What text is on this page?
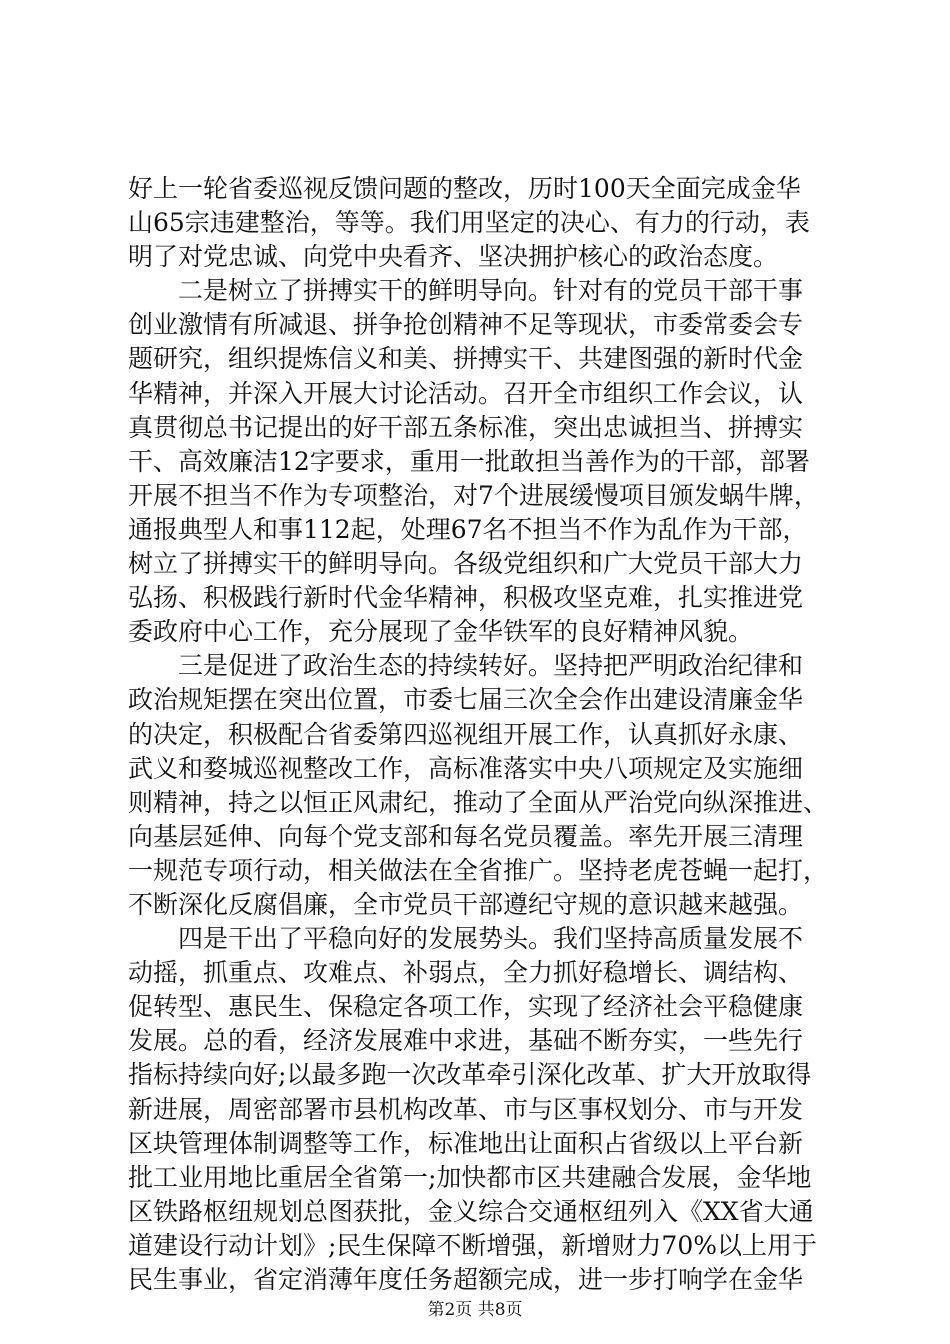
好上一轮省委巡视反馈问题的整改，历时100天全面完成金华
山65宗违建整治，等等。我们用坚定的决心、有力的行动，表
明了对党忠诚、向党中央看齐、坚决拥护核心的政治态度。
二是树立了拼搏实干的鲜明导向。针对有的党员干部干事
创业激情有所减退、拼争抢创精神不足等现状，市委常委会专
题研究，组织提炼信义和美、拼搏实干、共建图强的新时代金
华精神，并深入开展大讨论活动。召开全市组织工作会议，认
真贯彻总书记提出的好干部五条标准，突出忠诚担当、拼搏实
干、高效廉洁12字要求，重用一批敢担当善作为的干部，部署
开展不担当不作为专项整治，对7个进展缓慢项目颁发蜗牛牌，
通报典型人和事112起，处理67名不担当不作为乱作为干部，
树立了拼搏实干的鲜明导向。各级党组织和广大党员干部大力
弘扬、积极践行新时代金华精神，积极攻坚克难，扎实推进党
委政府中心工作，充分展现了金华铁军的良好精神风貌。
三是促进了政治生态的持续转好。坚持把严明政治纪律和
政治规矩摆在突出位置，市委七届三次全会作出建设清廉金华
的决定，积极配合省委第四巡视组开展工作，认真抓好永康、
武义和婺城巡视整改工作，高标准落实中央八项规定及实施细
则精神，持之以恒正风肃纪，推动了全面从严治党向纵深推进、
向基层延伸、向每个党支部和每名党员覆盖。率先开展三清理
一规范专项行动，相关做法在全省推广。坚持老虎苍蝇一起打，
不断深化反腐倡廉，全市党员干部遵纪守规的意识越来越强。
四是干出了平稳向好的发展势头。我们坚持高质量发展不
动摇，抓重点、攻难点、补弱点，全力抓好稳增长、调结构、
促转型、惠民生、保稳定各项工作，实现了经济社会平稳健康
发展。总的看，经济发展难中求进，基础不断夯实，一些先行
指标持续向好;以最多跑一次改革牵引深化改革、扩大开放取得
新进展，周密部署市县机构改革、市与区事权划分、市与开发
区块管理体制调整等工作，标准地出让面积占省级以上平台新
批工业用地比重居全省第一;加快都市区共建融合发展，金华地
区铁路枢纽规划总图获批，金义综合交通枢纽列入《XX省大通
道建设行动计划》;民生保障不断增强，新增财力70%以上用于
民生事业，省定消薄年度任务超额完成，进一步打响学在金华
第2页 共8页
